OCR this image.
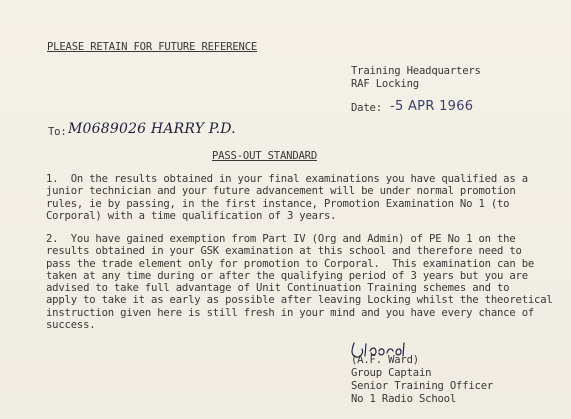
PLEASE RETAIN FOR FUTURE REFERENCE
Training Headquarters
RAF Locking
Date: -5 APR 1966
To: M0689026 HARRY P.D.
PASS-OUT STANDARD
1.  On the results obtained in your final examinations you have qualified as a
junior technician and your future advancement will be under normal promotion
rules, ie by passing, in the first instance, Promotion Examination No 1 (to
Corporal) with a time qualification of 3 years.
2.  You have gained exemption from Part IV (Org and Admin) of PE No 1 on the
results obtained in your GSK examination at this school and therefore need to
pass the trade element only for promotion to Corporal.  This examination can be
taken at any time during or after the qualifying period of 3 years but you are
advised to take full advantage of Unit Continuation Training schemes and to
apply to take it as early as possible after leaving Locking whilst the theoretical
instruction given here is still fresh in your mind and you have every chance of
success.
(A.F. Ward)
Group Captain
Senior Training Officer
No 1 Radio School
